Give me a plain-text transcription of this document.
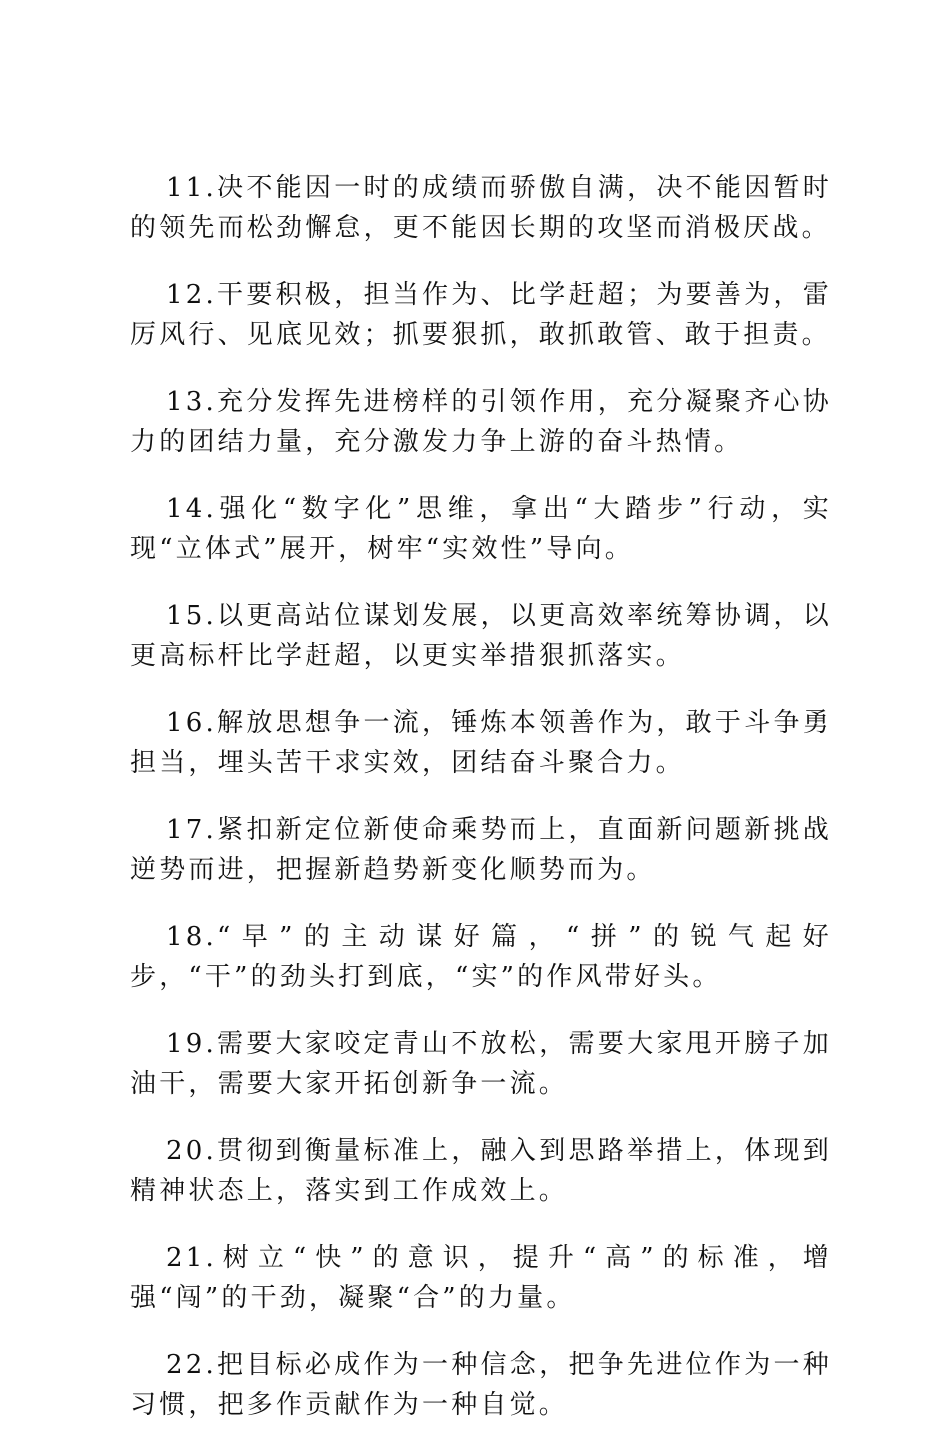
11.决不能因一时的成绩而骄傲自满，决不能因暂时的领先而松劲懈怠，更不能因长期的攻坚而消极厌战。

12.干要积极，担当作为、比学赶超；为要善为，雷厉风行、见底见效；抓要狠抓，敢抓敢管、敢于担责。

13.充分发挥先进榜样的引领作用，充分凝聚齐心协力的团结力量，充分激发力争上游的奋斗热情。

14.强化“数字化”思维，拿出“大踏步”行动，实现“立体式”展开，树牢“实效性”导向。

15.以更高站位谋划发展，以更高效率统筹协调，以更高标杆比学赶超，以更实举措狠抓落实。

16.解放思想争一流，锤炼本领善作为，敢于斗争勇担当，埋头苦干求实效，团结奋斗聚合力。

17.紧扣新定位新使命乘势而上，直面新问题新挑战逆势而进，把握新趋势新变化顺势而为。

18.“早”的主动谋好篇，“拼”的锐气起好步，“干”的劲头打到底，“实”的作风带好头。

19.需要大家咬定青山不放松，需要大家甩开膀子加油干，需要大家开拓创新争一流。

20.贯彻到衡量标准上，融入到思路举措上，体现到精神状态上，落实到工作成效上。

21.树立“快”的意识，提升“高”的标准，增强“闯”的干劲，凝聚“合”的力量。

22.把目标必成作为一种信念，把争先进位作为一种习惯，把多作贡献作为一种自觉。
